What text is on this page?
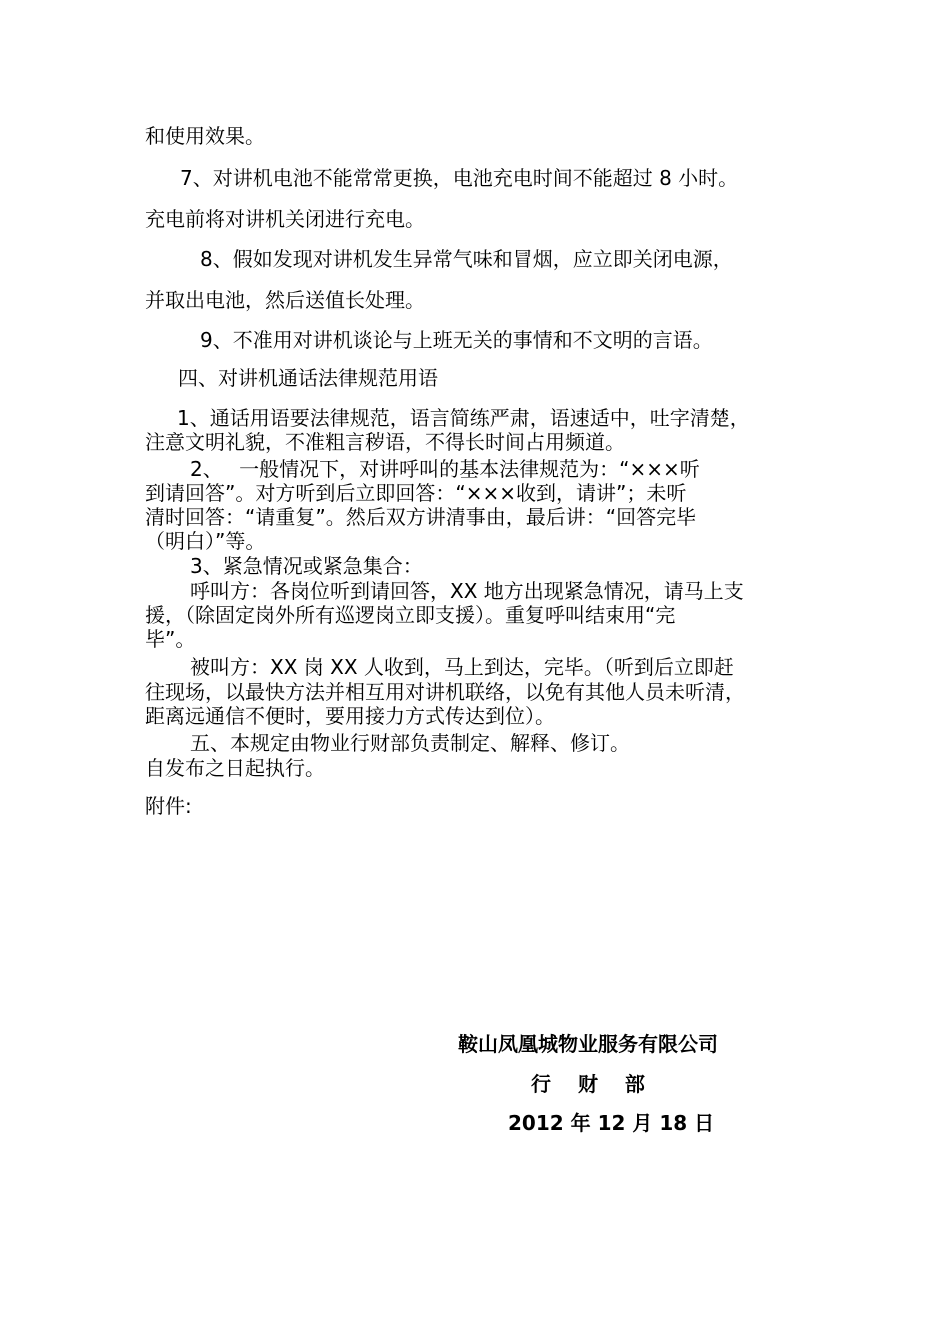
和使用效果。
7、对讲机电池不能常常更换，电池充电时间不能超过 8 小时。
充电前将对讲机关闭进行充电。
8、假如发现对讲机发生异常气味和冒烟，应立即关闭电源，
并取出电池，然后送值长处理。
9、不准用对讲机谈论与上班无关的事情和不文明的言语。
四、对讲机通话法律规范用语
1、通话用语要法律规范，语言简练严肃，语速适中，吐字清楚，
注意文明礼貌，不准粗言秽语，不得长时间占用频道。
2、　 一般情况下，对讲呼叫的基本法律规范为：“×××听
到请回答”。对方听到后立即回答：“×××收到，请讲”；未听
清时回答：“请重复”。然后双方讲清事由，最后讲：“回答完毕
（明白）”等。
3、紧急情况或紧急集合：
呼叫方：各岗位听到请回答，XX 地方出现紧急情况，请马上支
援，（除固定岗外所有巡逻岗立即支援）。重复呼叫结束用“完
毕”。
被叫方：XX 岗 XX 人收到，马上到达，完毕。（听到后立即赶
往现场，以最快方法并相互用对讲机联络，以免有其他人员未听清，
距离远通信不便时，要用接力方式传达到位）。
五、本规定由物业行财部负责制定、解释、修订。
自发布之日起执行。
附件:
鞍山凤凰城物业服务有限公司
行　 财　 部
2012 年 12 月 18 日
